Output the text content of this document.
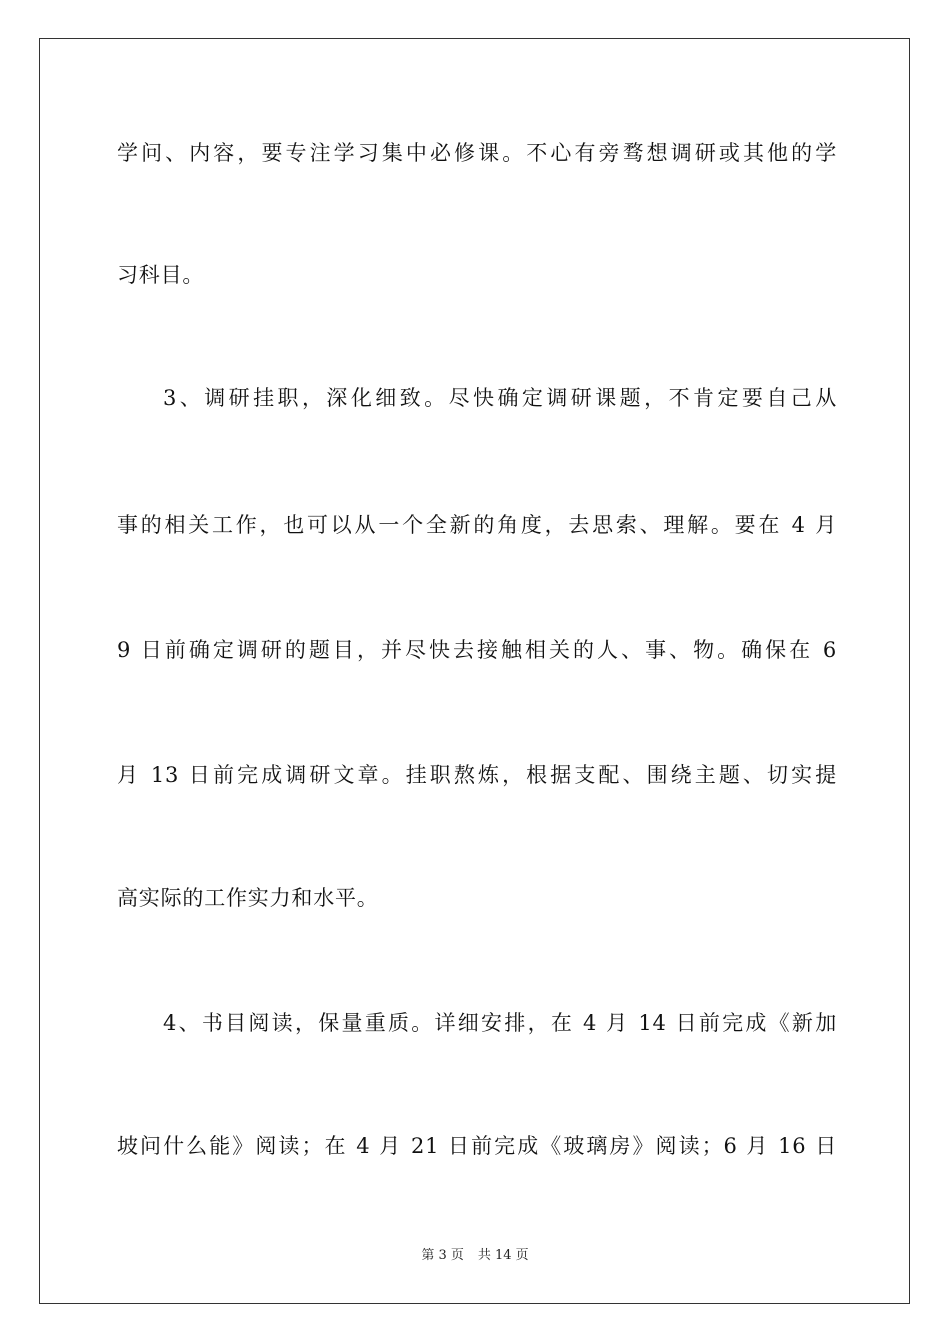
学问、内容，要专注学习集中必修课。不心有旁骛想调研或其他的学
习科目。
3、调研挂职，深化细致。尽快确定调研课题，不肯定要自己从
事的相关工作，也可以从一个全新的角度，去思索、理解。要在 4 月
9 日前确定调研的题目，并尽快去接触相关的人、事、物。确保在 6
月 13 日前完成调研文章。挂职熬炼，根据支配、围绕主题、切实提
高实际的工作实力和水平。
4、书目阅读，保量重质。详细安排，在 4 月 14 日前完成《新加
坡问什么能》阅读；在 4 月 21 日前完成《玻璃房》阅读；6 月 16 日
第 3 页 共 14 页
